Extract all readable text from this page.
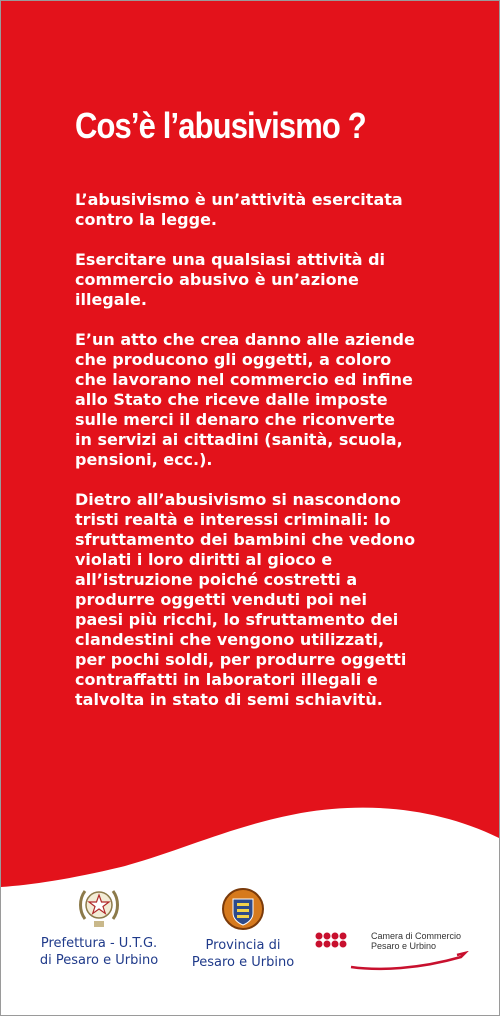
Cos’è l’abusivismo ?
L’abusivismo è un’attività esercitata
contro la legge.
Esercitare una qualsiasi attività di
commercio abusivo è un’azione
illegale.
E’un atto che crea danno alle aziende
che producono gli oggetti, a coloro
che lavorano nel commercio ed infine
allo Stato che riceve dalle imposte
sulle merci il denaro che riconverte
in servizi ai cittadini (sanità, scuola,
pensioni, ecc.).
Dietro all’abusivismo si nascondono
tristi realtà e interessi criminali: lo
sfruttamento dei bambini che vedono
violati i loro diritti al gioco e
all’istruzione poiché costretti a
produrre oggetti venduti poi nei
paesi più ricchi, lo sfruttamento dei
clandestini che vengono utilizzati,
per pochi soldi, per produrre oggetti
contraffatti in laboratori illegali e
talvolta in stato di semi schiavitù.
Prefettura - U.T.G.
di Pesaro e Urbino
Provincia di
Pesaro e Urbino
Camera di Commercio
Pesaro e Urbino
